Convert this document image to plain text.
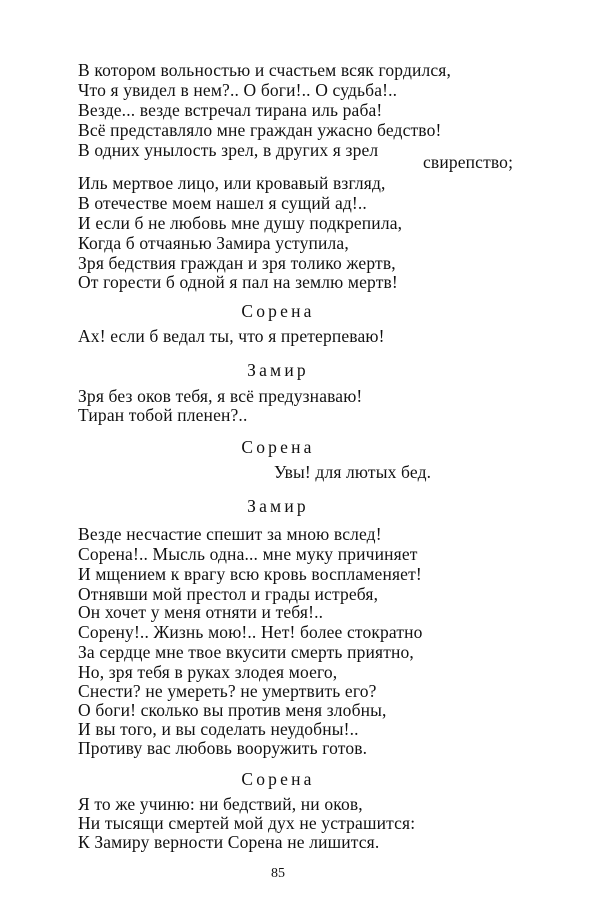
В котором вольностью и счастьем всяк гордился,
Что я увидел в нем?.. О боги!.. О судьба!..
Везде... везде встречал тирана иль раба!
Всё представляло мне граждан ужасно бедство!
В одних унылость зрел, в других я зрел
свирепство;
Иль мертвое лицо, или кровавый взгляд,
В отечестве моем нашел я сущий ад!..
И если б не любовь мне душу подкрепила,
Когда б отчаянью Замира уступила,
Зря бедствия граждан и зря толико жертв,
От горести б одной я пал на землю мертв!
Сорена
Ах! если б ведал ты, что я претерпеваю!
Замир
Зря без оков тебя, я всё предузнаваю!
Тиран тобой пленен?..
Сорена
Увы! для лютых бед.
Замир
Везде несчастие спешит за мною вслед!
Сорена!.. Мысль одна... мне муку причиняет
И мщением к врагу всю кровь воспламеняет!
Отнявши мой престол и грады истребя,
Он хочет у меня отняти и тебя!..
Сорену!.. Жизнь мою!.. Нет! более стократно
За сердце мне твое вкусити смерть приятно,
Но, зря тебя в руках злодея моего,
Снести? не умереть? не умертвить его?
О боги! сколько вы против меня злобны,
И вы того, и вы соделать неудобны!..
Противу вас любовь вооружить готов.
Сорена
Я то же учиню: ни бедствий, ни оков,
Ни тысящи смертей мой дух не устрашится:
К Замиру верности Сорена не лишится.
85
